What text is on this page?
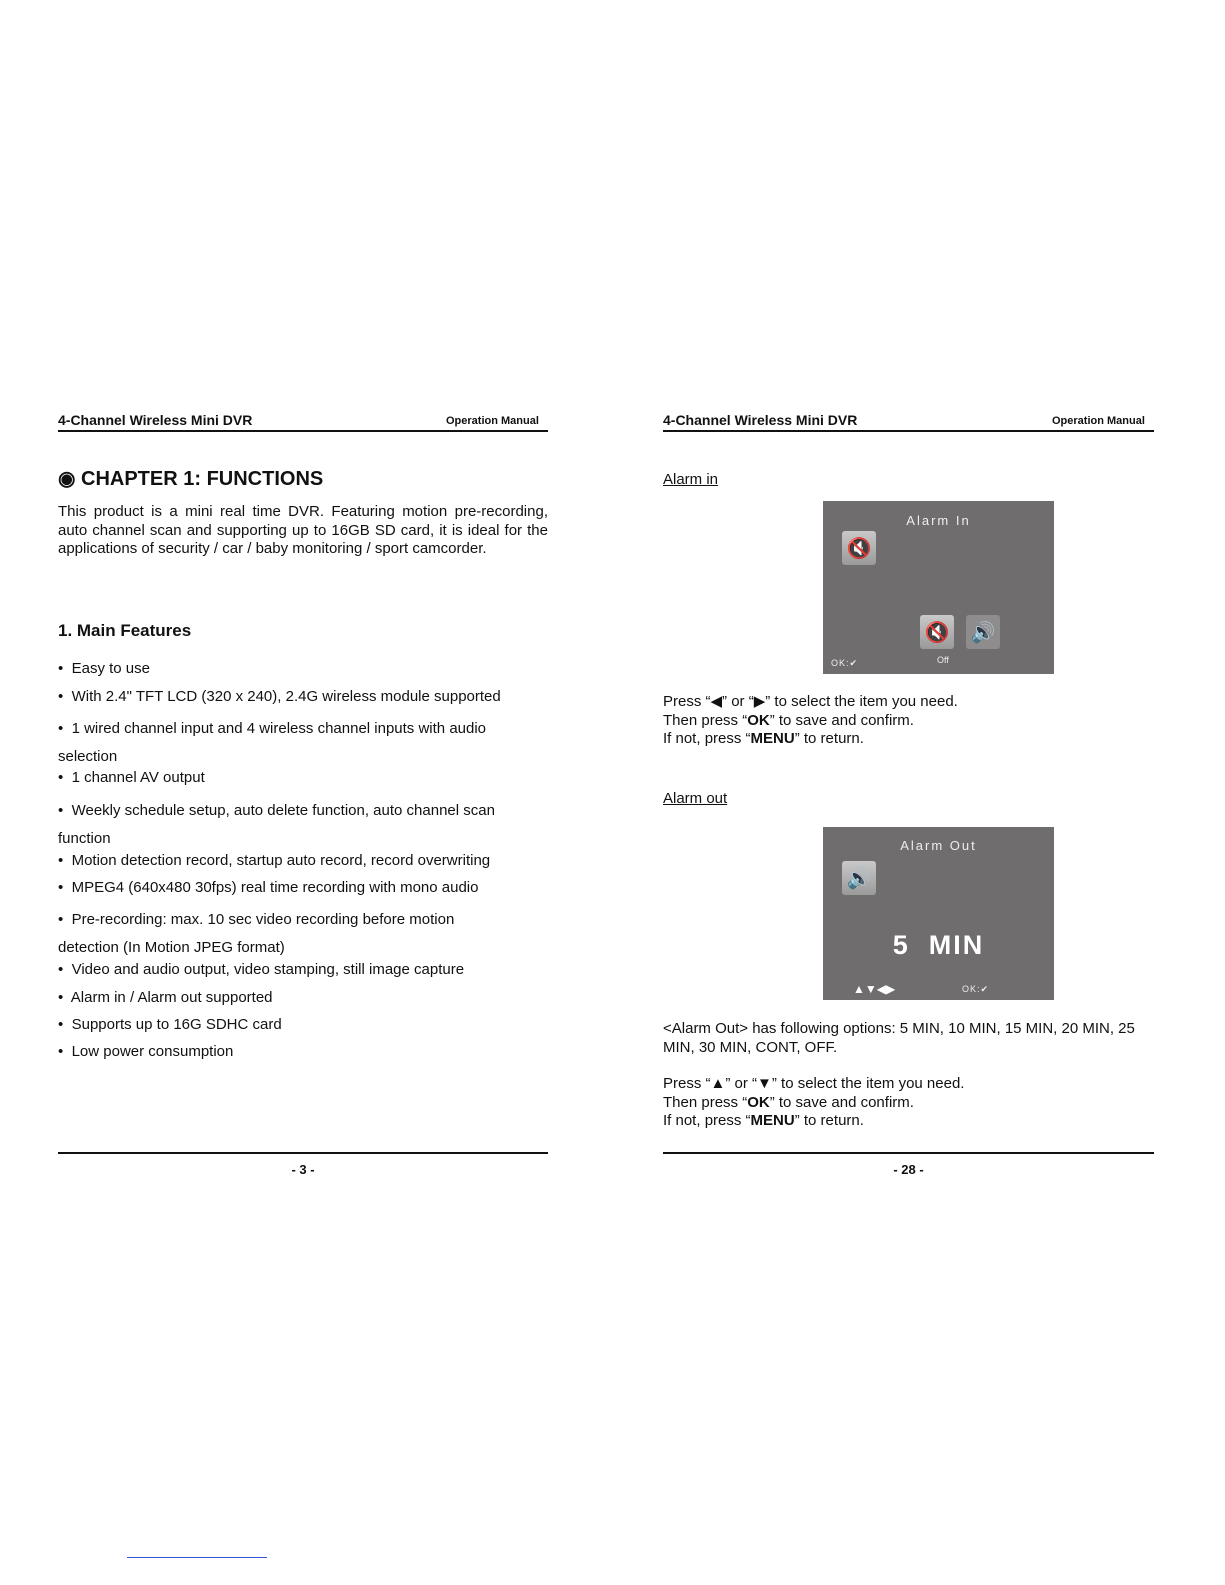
4-Channel Wireless Mini DVR	Operation Manual
◉ CHAPTER 1: FUNCTIONS
This product is a mini real time DVR. Featuring motion pre-recording, auto channel scan and supporting up to 16GB SD card, it is ideal for the applications of security / car / baby monitoring / sport camcorder.
1. Main Features
•  Easy to use
•  With 2.4" TFT LCD (320 x 240), 2.4G wireless module supported
•  1 wired channel input and 4 wireless channel inputs with audio selection
•  1 channel AV output
•  Weekly schedule setup, auto delete function, auto channel scan function
•  Motion detection record, startup auto record, record overwriting
•  MPEG4 (640x480 30fps) real time recording with mono audio
•  Pre-recording: max. 10 sec video recording before motion detection (In Motion JPEG format)
•  Video and audio output, video stamping, still image capture
•  Alarm in / Alarm out supported
•  Supports up to 16G SDHC card
•  Low power consumption
- 3 -
4-Channel Wireless Mini DVR	Operation Manual
Alarm in
Alarm In
🔇
🔇 🔊
OK:✔	Off
Press “◀” or “▶” to select the item you need.
Then press “OK” to save and confirm.
If not, press “MENU” to return.
Alarm out
Alarm Out
🔊
5  MIN
▲▼◀▶	OK:✔
<Alarm Out> has following options: 5 MIN, 10 MIN, 15 MIN, 20 MIN, 25 MIN, 30 MIN, CONT, OFF.
Press “▲” or “▼” to select the item you need.
Then press “OK” to save and confirm.
If not, press “MENU” to return.
- 28 -
